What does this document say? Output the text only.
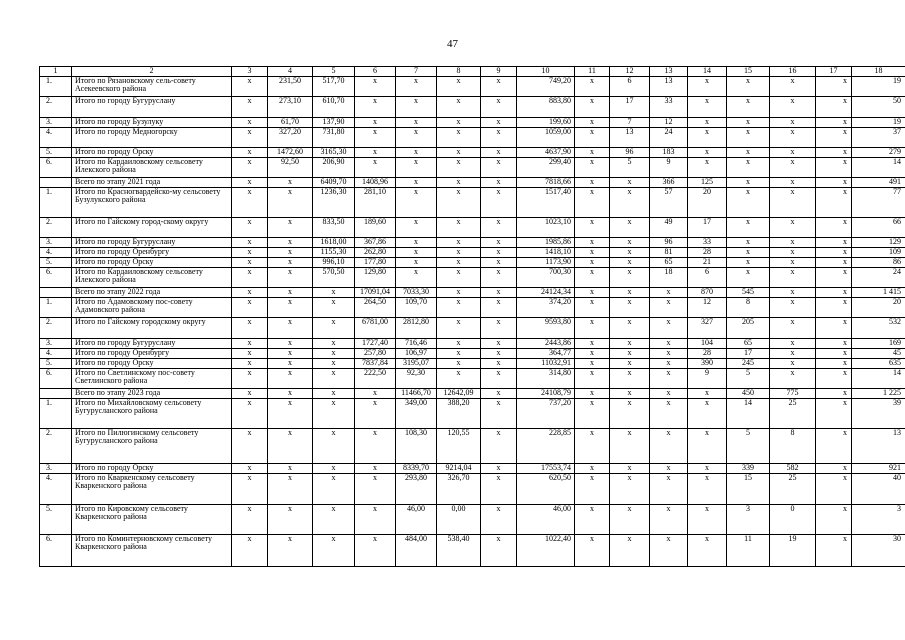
47
1	2	3	4	5	6	7	8	9	10	11	12	13	14	15	16	17	18
1.	Итого по Рязановскому сель-совету Асекеевского района	х	231,50	517,70	х	х	х	х	749,20	х	6	13	х	х	х	х	19
2.	Итого по городу Бугуруслану	х	273,10	610,70	х	х	х	х	883,80	х	17	33	х	х	х	х	50
3.	Итого по городу Бузулуку	х	61,70	137,90	х	х	х	х	199,60	х	7	12	х	х	х	х	19
4.	Итого по городу Медногорску	х	327,20	731,80	х	х	х	х	1059,00	х	13	24	х	х	х	х	37
5.	Итого по городу Орску	х	1472,60	3165,30	х	х	х	х	4637,90	х	96	183	х	х	х	х	279
6.	Итого по Кардаиловскому сельсовету Илекского района	х	92,50	206,90	х	х	х	х	299,40	х	5	9	х	х	х	х	14
	Всего по этапу 2021 года	х	х	6409,70	1408,96	х	х	х	7818,66	х	х	366	125	х	х	х	491
1.	Итого по Красногвардейско-му сельсовету Бузулукского района	х	х	1236,30	281,10	х	х	х	1517,40	х	х	57	20	х	х	х	77
2.	Итого по Гайскому город-скому округу	х	х	833,50	189,60	х	х	х	1023,10	х	х	49	17	х	х	х	66
3.	Итого по городу Бугуруслану	х	х	1618,00	367,86	х	х	х	1985,86	х	х	96	33	х	х	х	129
4.	Итого по городу Оренбургу	х	х	1155,30	262,80	х	х	х	1418,10	х	х	81	28	х	х	х	109
5.	Итого по городу Орску	х	х	996,10	177,80	х	х	х	1173,90	х	х	65	21	х	х	х	86
6.	Итого по Кардаиловскому сельсовету Илекского района	х	х	570,50	129,80	х	х	х	700,30	х	х	18	6	х	х	х	24
	Всего по этапу 2022 года	х	х	х	17091,04	7033,30	х	х	24124,34	х	х	х	870	545	х	х	1 415
1.	Итого по Адамовскому пос-совету Адамовского района	х	х	х	264,50	109,70	х	х	374,20	х	х	х	12	8	х	х	20
2.	Итого по Гайскому городскому округу	х	х	х	6781,00	2812,80	х	х	9593,80	х	х	х	327	205	х	х	532
3.	Итого по городу Бугуруслану	х	х	х	1727,40	716,46	х	х	2443,86	х	х	х	104	65	х	х	169
4.	Итого по городу Оренбургу	х	х	х	257,80	106,97	х	х	364,77	х	х	х	28	17	х	х	45
5.	Итого по городу Орску	х	х	х	7837,84	3195,07	х	х	11032,91	х	х	х	390	245	х	х	635
6.	Итого по Светлинскому пос-совету Светлинского района	х	х	х	222,50	92,30	х	х	314,80	х	х	х	9	5	х	х	14
	Всего по этапу 2023 года	х	х	х	х	11466,70	12642,09	х	24108,79	х	х	х	х	450	775	х	1 225
1.	Итого по Михайловскому сельсовету Бугурусланского района	х	х	х	х	349,00	388,20	х	737,20	х	х	х	х	14	25	х	39
2.	Итого по Пилюгинскому сельсовету Бугурусланского района	х	х	х	х	108,30	120,55	х	228,85	х	х	х	х	5	8	х	13
3.	Итого по городу Орску	х	х	х	х	8339,70	9214,04	х	17553,74	х	х	х	х	339	582	х	921
4.	Итого по Кваркенскому сельсовету Кваркенского района	х	х	х	х	293,80	326,70	х	620,50	х	х	х	х	15	25	х	40
5.	Итого по Кировскому сельсовету Кваркенского района	х	х	х	х	46,00	0,00	х	46,00	х	х	х	х	3	0	х	3
6.	Итого по Коминтерновскому сельсовету Кваркенского района	х	х	х	х	484,00	538,40	х	1022,40	х	х	х	х	11	19	х	30
